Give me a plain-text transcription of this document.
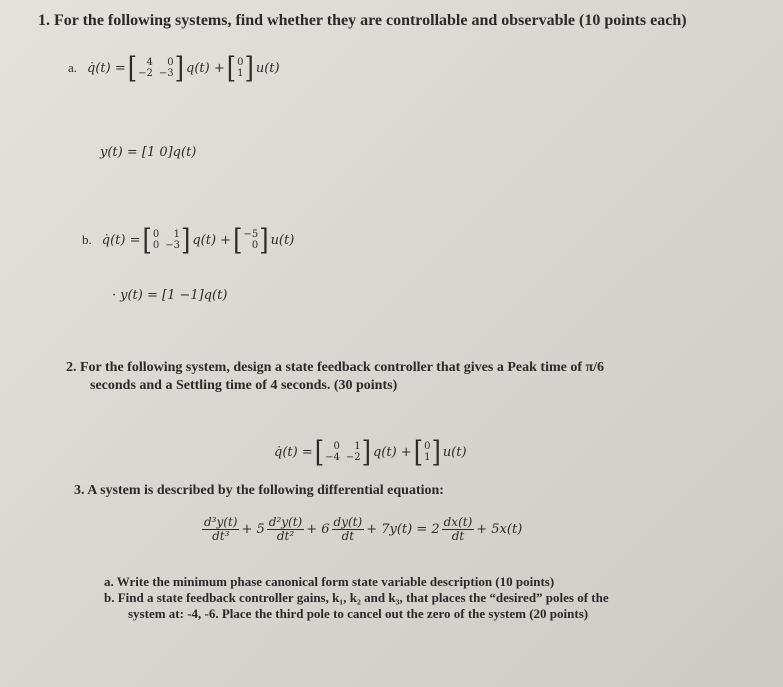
1. For the following systems, find whether they are controllable and observable (10 points each)
a. q̇(t) = [ 4	0
−2 −3 ] q(t) + [ 0
1 ] u(t)
y(t) = [1 0]q(t)
b. q̇(t) = [ 0	1
0 −3 ] q(t) + [ −5
0 ] u(t)
· y(t) = [1 −1]q(t)
2. For the following system, design a state feedback controller that gives a Peak time of π/6
seconds and a Settling time of 4 seconds. (30 points)
q̇(t) = [ 0	1
−4 −2 ] q(t) + [ 0
1 ] u(t)
3. A system is described by the following differential equation:
$\frac{\text{d³y(t)}}{\text{dt³}} + 5 \frac{\text{d²y(t)}}{\text{dt²}} + 6 \frac{dy(t)}{dt} + 7y(t) = 2 \frac{dx(t)}{dt} + 5x(t)$
a. Write the minimum phase canonical form state variable description (10 points)
b. Find a state feedback controller gains, k₁, k₂ and k₃, that places the “desired” poles of the
system at: -4, -6. Place the third pole to cancel out the zero of the system (20 points)
